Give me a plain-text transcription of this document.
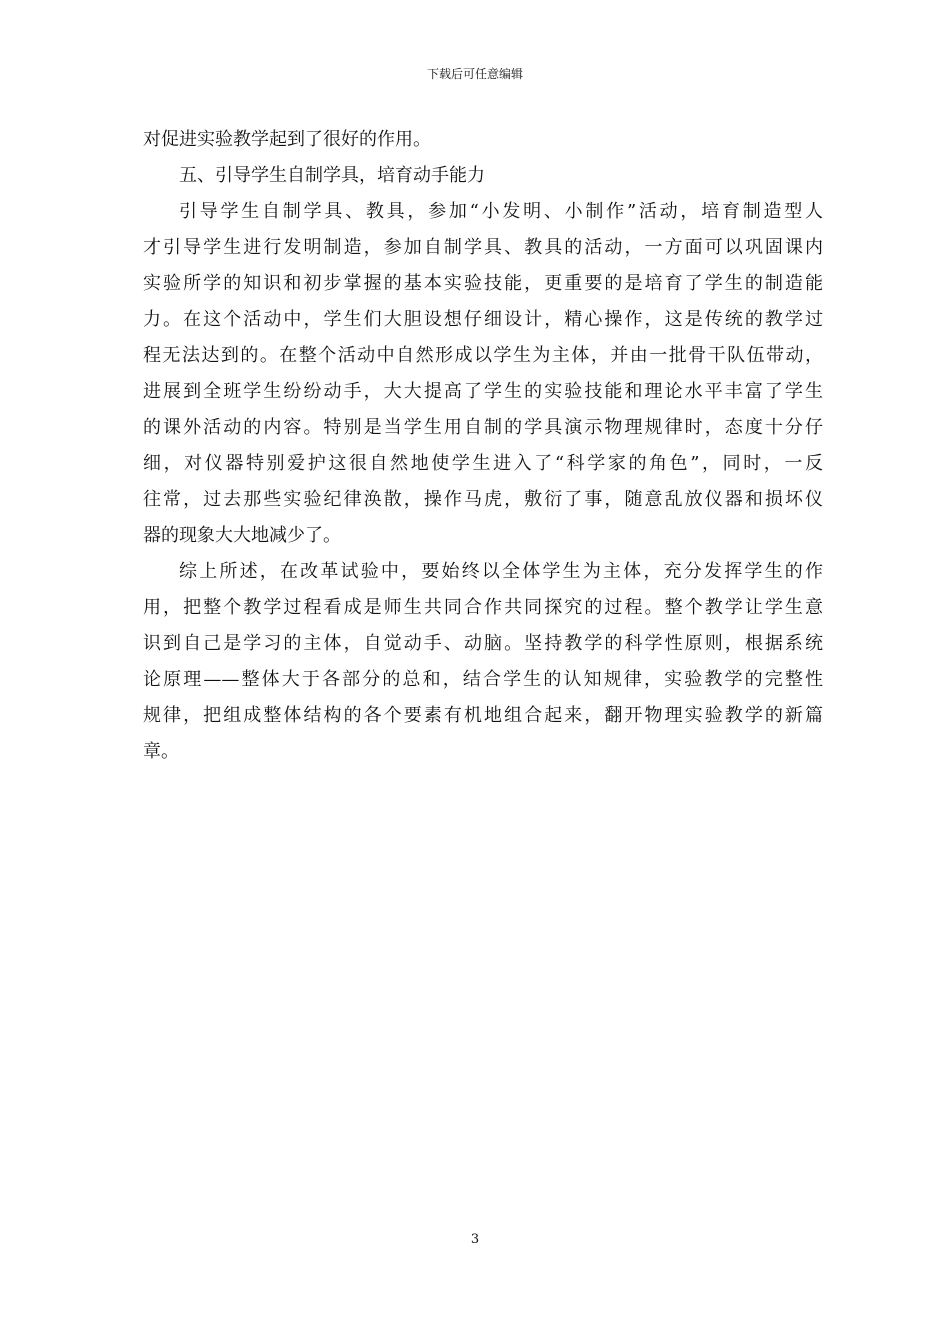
下载后可任意编辑
对促进实验教学起到了很好的作用。
五、引导学生自制学具，培育动手能力
引导学生自制学具、教具，参加“小发明、小制作”活动，培育制造型人
才引导学生进行发明制造，参加自制学具、教具的活动，一方面可以巩固课内
实验所学的知识和初步掌握的基本实验技能，更重要的是培育了学生的制造能
力。在这个活动中，学生们大胆设想仔细设计，精心操作，这是传统的教学过
程无法达到的。在整个活动中自然形成以学生为主体，并由一批骨干队伍带动，
进展到全班学生纷纷动手，大大提高了学生的实验技能和理论水平丰富了学生
的课外活动的内容。特别是当学生用自制的学具演示物理规律时，态度十分仔
细，对仪器特别爱护这很自然地使学生进入了“科学家的角色”，同时，一反
往常，过去那些实验纪律涣散，操作马虎，敷衍了事，随意乱放仪器和损坏仪
器的现象大大地减少了。
综上所述，在改革试验中，要始终以全体学生为主体，充分发挥学生的作
用，把整个教学过程看成是师生共同合作共同探究的过程。整个教学让学生意
识到自己是学习的主体，自觉动手、动脑。坚持教学的科学性原则，根据系统
论原理——整体大于各部分的总和，结合学生的认知规律，实验教学的完整性
规律，把组成整体结构的各个要素有机地组合起来，翻开物理实验教学的新篇
章。
3
